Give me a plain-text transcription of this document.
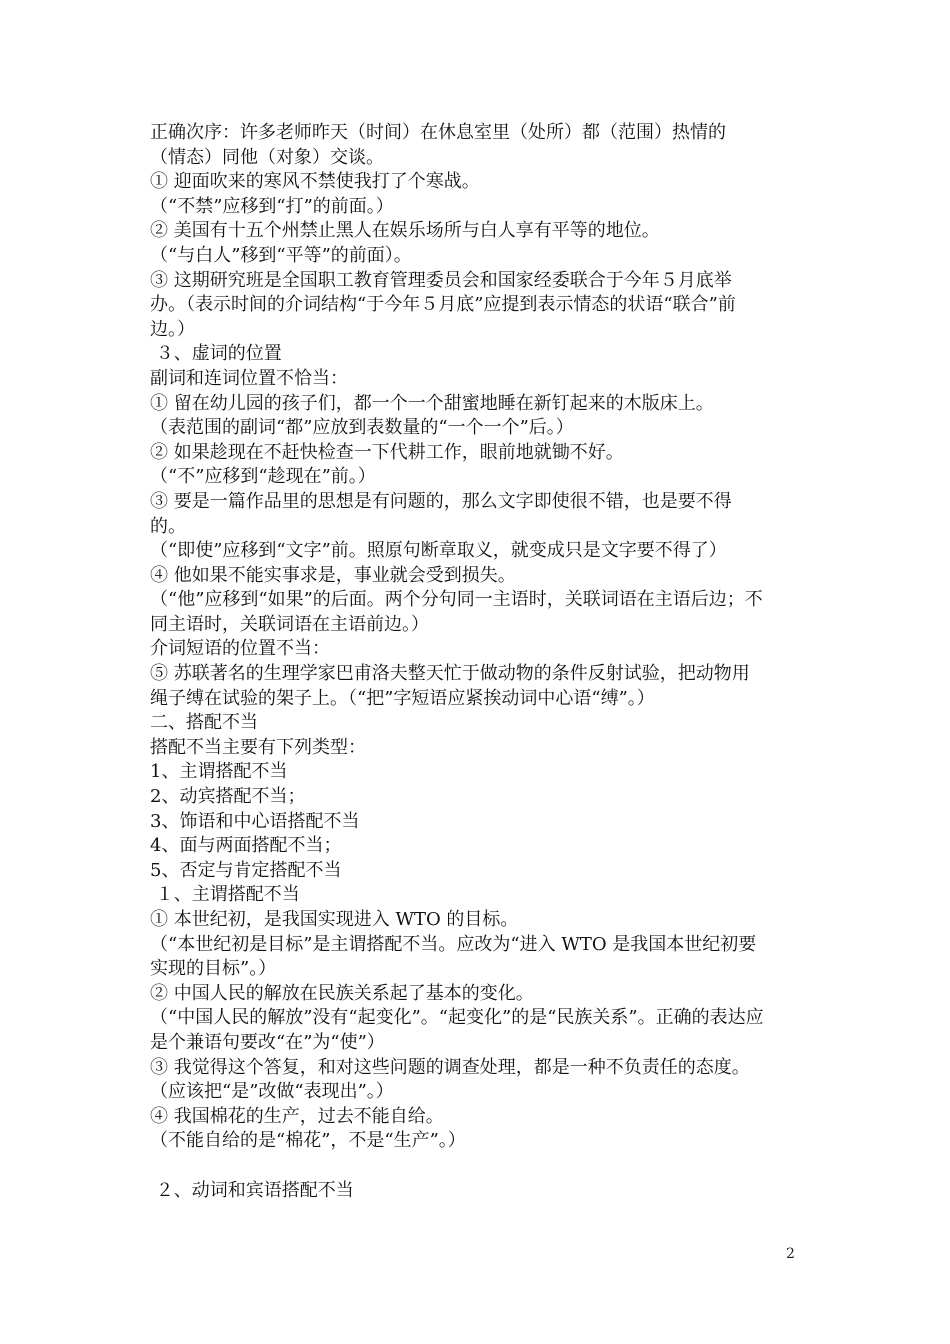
正确次序：许多老师昨天（时间）在休息室里（处所）都（范围）热情的

（情态）同他（对象）交谈。

① 迎面吹来的寒风不禁使我打了个寒战。

（“不禁”应移到“打”的前面。）

② 美国有十五个州禁止黑人在娱乐场所与白人享有平等的地位。

（“与白人”移到“平等”的前面）。

③ 这期研究班是全国职工教育管理委员会和国家经委联合于今年５月底举

办。（表示时间的介词结构“于今年５月底”应提到表示情态的状语“联合”前

边。）

３、虚词的位置

副词和连词位置不恰当：

① 留在幼儿园的孩子们，都一个一个甜蜜地睡在新钉起来的木版床上。

（表范围的副词“都”应放到表数量的“一个一个”后。）

② 如果趁现在不赶快检查一下代耕工作，眼前地就锄不好。

（“不”应移到“趁现在”前。）

③ 要是一篇作品里的思想是有问题的，那么文字即使很不错，也是要不得

的。

（“即使”应移到“文字”前。照原句断章取义，就变成只是文字要不得了）

④ 他如果不能实事求是，事业就会受到损失。

（“他”应移到“如果”的后面。两个分句同一主语时，关联词语在主语后边；不

同主语时，关联词语在主语前边。）

介词短语的位置不当：

⑤ 苏联著名的生理学家巴甫洛夫整天忙于做动物的条件反射试验，把动物用

绳子缚在试验的架子上。（“把”字短语应紧挨动词中心语“缚”。）

二、搭配不当

搭配不当主要有下列类型：

1、主谓搭配不当

2、动宾搭配不当；

3、饰语和中心语搭配不当

4、面与两面搭配不当；

5、否定与肯定搭配不当

１、主谓搭配不当

① 本世纪初，是我国实现进入 WTO 的目标。

（“本世纪初是目标”是主谓搭配不当。应改为“进入 WTO 是我国本世纪初要

实现的目标”。）

② 中国人民的解放在民族关系起了基本的变化。

（“中国人民的解放”没有“起变化”。“起变化”的是“民族关系”。正确的表达应

是个兼语句要改“在”为“使”）

③ 我觉得这个答复，和对这些问题的调查处理，都是一种不负责任的态度。

（应该把“是”改做“表现出”。）

④ 我国棉花的生产，过去不能自给。

（不能自给的是“棉花”，不是“生产”。）

２、动词和宾语搭配不当

2
